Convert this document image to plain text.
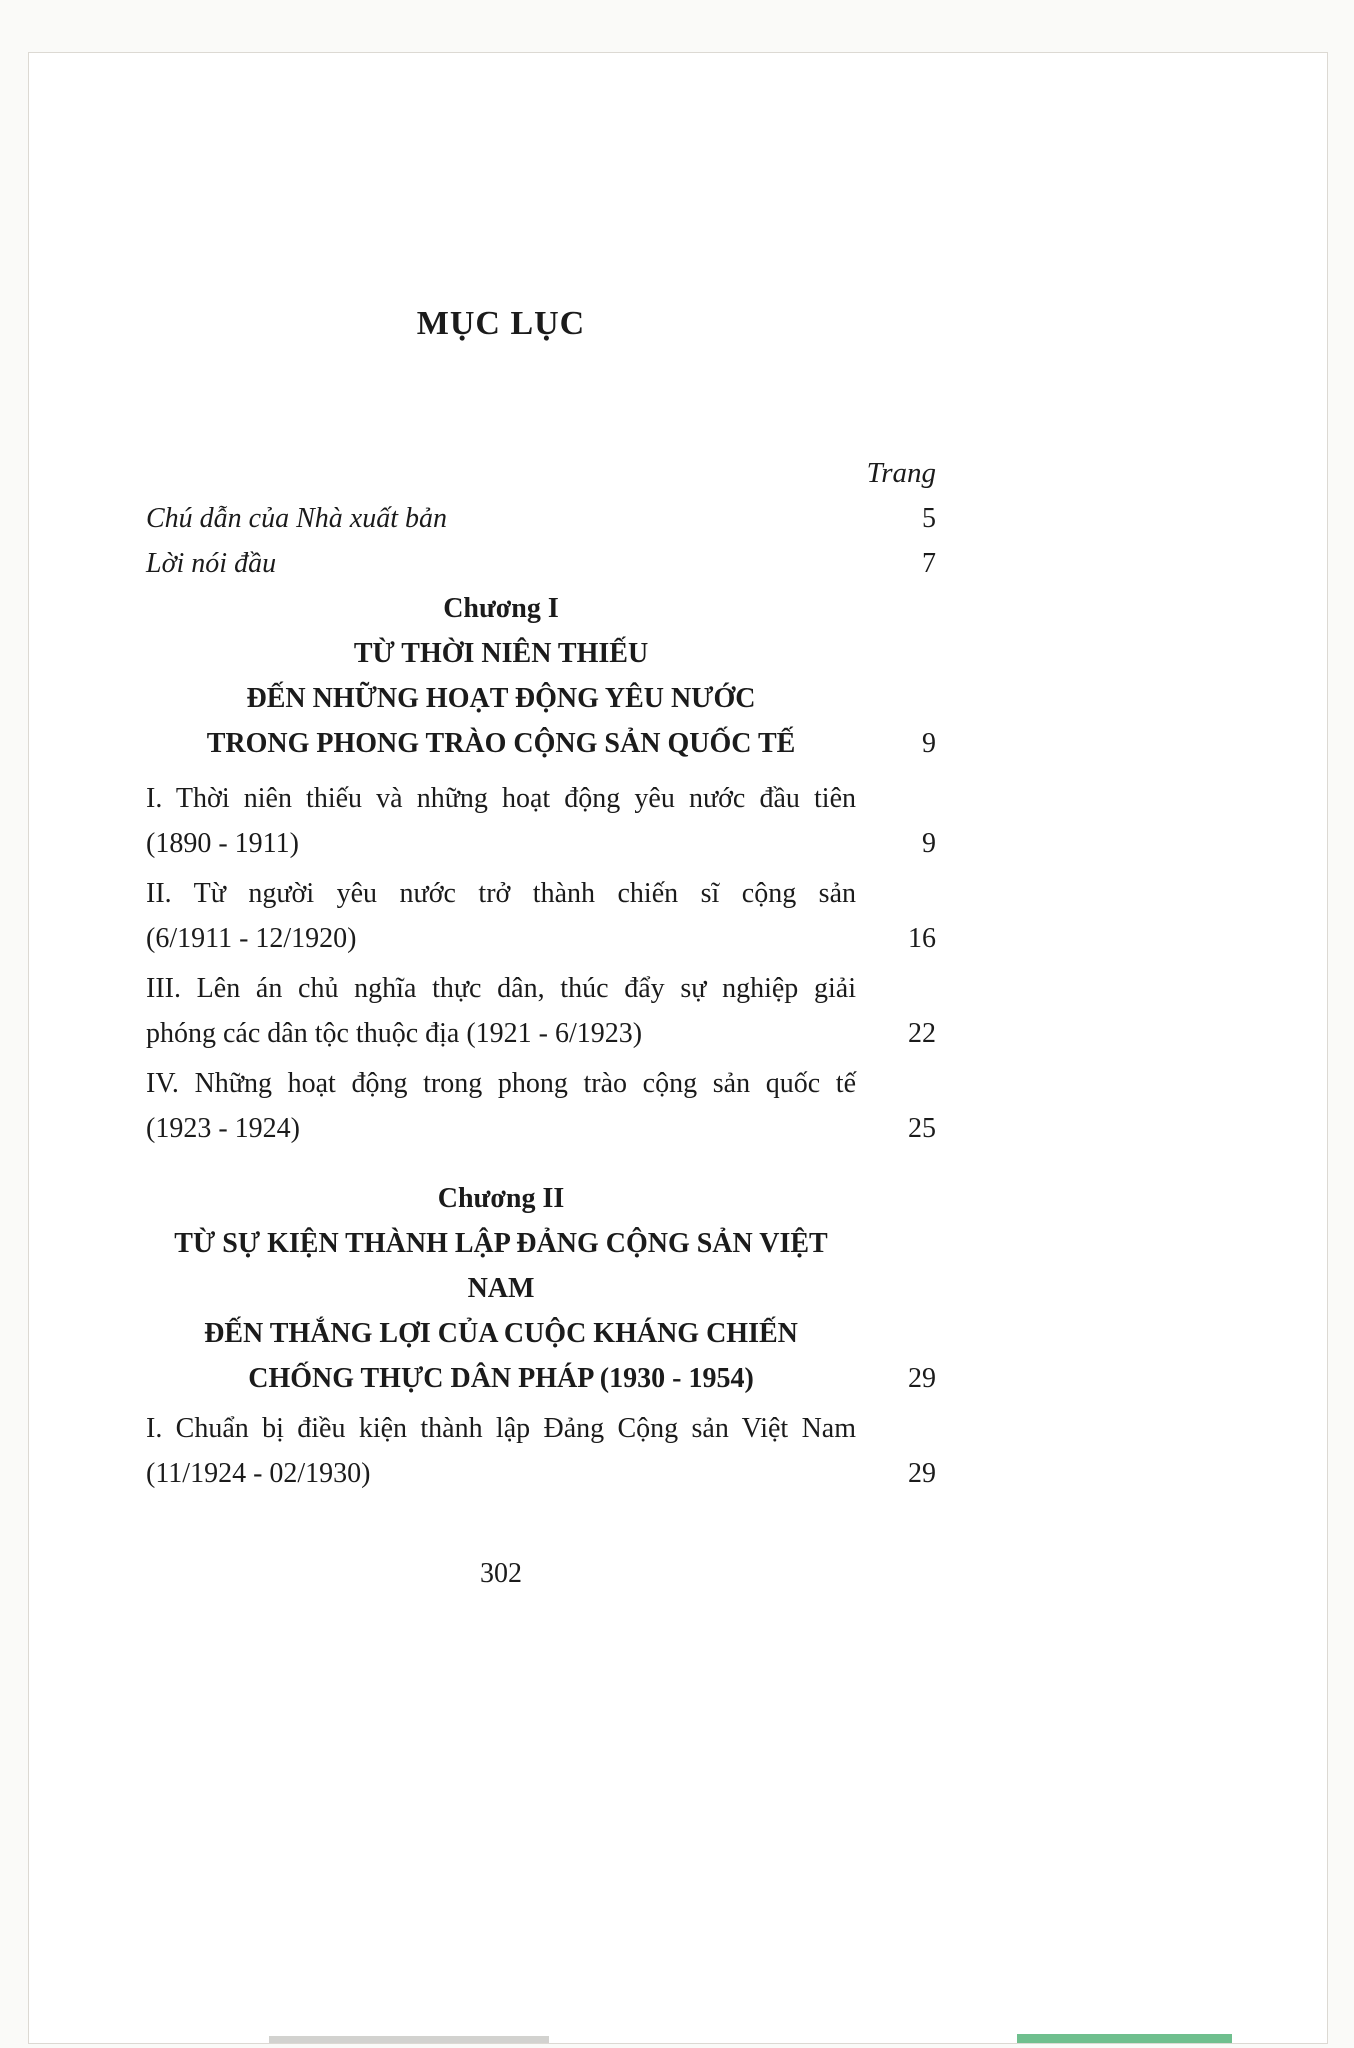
MỤC LỤC
Trang
Chú dẫn của Nhà xuất bản	5
Lời nói đầu	7
Chương I
TỪ THỜI NIÊN THIẾU
ĐẾN NHỮNG HOẠT ĐỘNG YÊU NƯỚC
TRONG PHONG TRÀO CỘNG SẢN QUỐC TẾ	9
I. Thời niên thiếu và những hoạt động yêu nước đầu tiên
(1890 - 1911)	9
II. Từ người yêu nước trở thành chiến sĩ cộng sản
(6/1911 - 12/1920)	16
III. Lên án chủ nghĩa thực dân, thúc đẩy sự nghiệp giải
phóng các dân tộc thuộc địa (1921 - 6/1923)	22
IV. Những hoạt động trong phong trào cộng sản quốc tế
(1923 - 1924)	25
Chương II
TỪ SỰ KIỆN THÀNH LẬP ĐẢNG CỘNG SẢN VIỆT NAM
ĐẾN THẮNG LỢI CỦA CUỘC KHÁNG CHIẾN
CHỐNG THỰC DÂN PHÁP (1930 - 1954)	29
I. Chuẩn bị điều kiện thành lập Đảng Cộng sản Việt Nam
(11/1924 - 02/1930)	29
302
